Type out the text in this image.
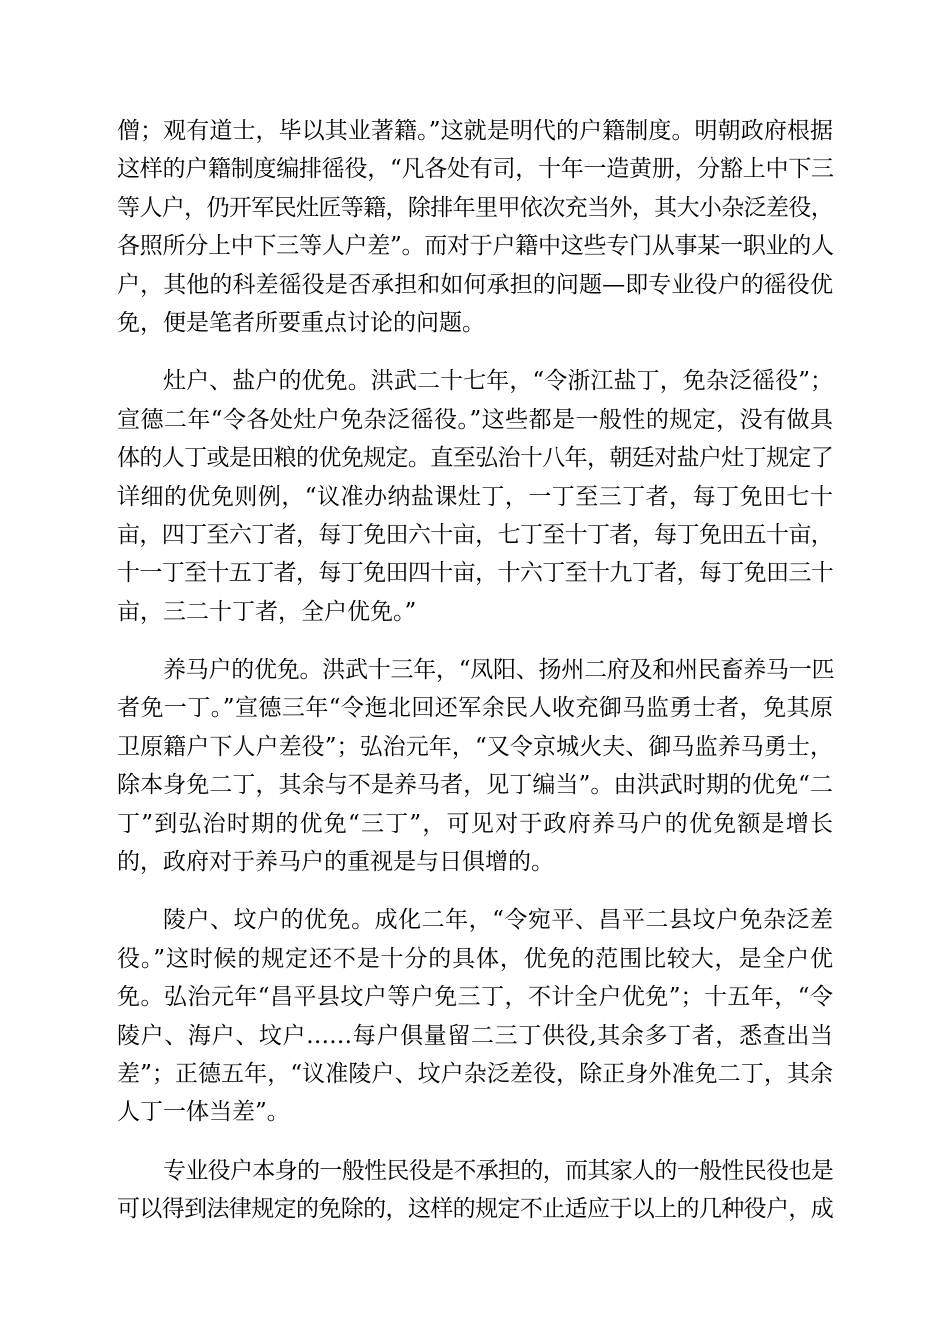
僧；观有道士，毕以其业著籍。”这就是明代的户籍制度。明朝政府根据
这样的户籍制度编排徭役，“凡各处有司，十年一造黄册，分豁上中下三
等人户，仍开军民灶匠等籍，除排年里甲依次充当外，其大小杂泛差役，
各照所分上中下三等人户差”。而对于户籍中这些专门从事某一职业的人
户，其他的科差徭役是否承担和如何承担的问题—即专业役户的徭役优
免，便是笔者所要重点讨论的问题。
灶户、盐户的优免。洪武二十七年，“令浙江盐丁，免杂泛徭役”；
宣德二年“令各处灶户免杂泛徭役。”这些都是一般性的规定，没有做具
体的人丁或是田粮的优免规定。直至弘治十八年，朝廷对盐户灶丁规定了
详细的优免则例，“议准办纳盐课灶丁，一丁至三丁者，每丁免田七十
亩，四丁至六丁者，每丁免田六十亩，七丁至十丁者，每丁免田五十亩，
十一丁至十五丁者，每丁免田四十亩，十六丁至十九丁者，每丁免田三十
亩，三二十丁者，全户优免。”
养马户的优免。洪武十三年，“凤阳、扬州二府及和州民畜养马一匹
者免一丁。”宣德三年“令迤北回还军余民人收充御马监勇士者，免其原
卫原籍户下人户差役”；弘治元年，“又令京城火夫、御马监养马勇士，
除本身免二丁，其余与不是养马者，见丁编当”。由洪武时期的优免“二
丁”到弘治时期的优免“三丁”，可见对于政府养马户的优免额是增长
的，政府对于养马户的重视是与日俱增的。
陵户、坟户的优免。成化二年，“令宛平、昌平二县坟户免杂泛差
役。”这时候的规定还不是十分的具体，优免的范围比较大，是全户优
免。弘治元年“昌平县坟户等户免三丁，不计全户优免”；十五年，“令
陵户、海户、坟户……每户俱量留二三丁供役,其余多丁者，悉查出当
差”；正德五年，“议准陵户、坟户杂泛差役，除正身外准免二丁，其余
人丁一体当差”。
专业役户本身的一般性民役是不承担的，而其家人的一般性民役也是
可以得到法律规定的免除的，这样的规定不止适应于以上的几种役户，成
